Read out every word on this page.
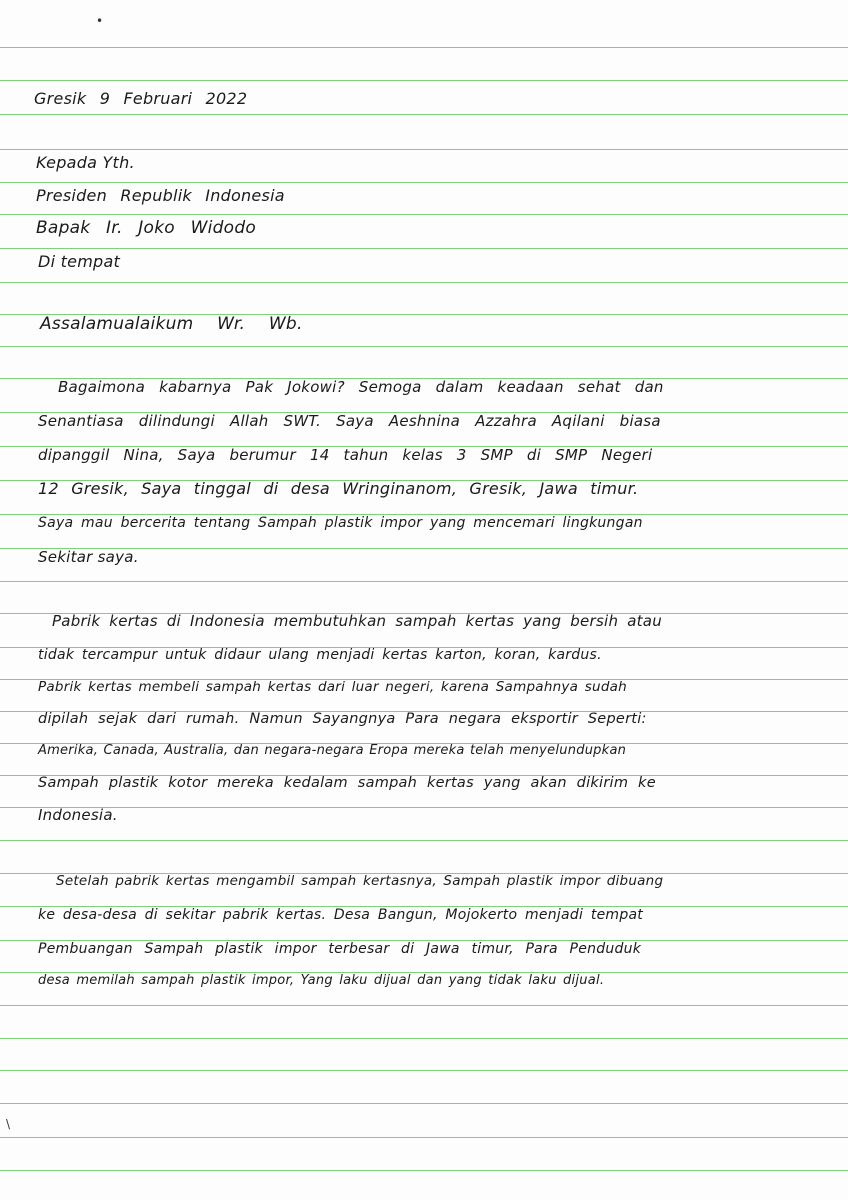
•
\
Gresik 9 Februari 2022
Kepada Yth.
Presiden Republik Indonesia
Bapak Ir. Joko Widodo
Di tempat
Assalamualaikum Wr. Wb.
Bagaimona kabarnya Pak Jokowi? Semoga dalam keadaan sehat dan
Senantiasa dilindungi Allah SWT. Saya Aeshnina Azzahra Aqilani biasa
dipanggil Nina, Saya berumur 14 tahun kelas 3 SMP di SMP Negeri
12 Gresik, Saya tinggal di desa Wringinanom, Gresik, Jawa timur.
Saya mau bercerita tentang Sampah plastik impor yang mencemari lingkungan
Sekitar saya.
Pabrik kertas di Indonesia membutuhkan sampah kertas yang bersih atau
tidak tercampur untuk didaur ulang menjadi kertas karton, koran, kardus.
Pabrik kertas membeli sampah kertas dari luar negeri, karena Sampahnya sudah
dipilah sejak dari rumah. Namun Sayangnya Para negara eksportir Seperti:
Amerika, Canada, Australia, dan negara-negara Eropa mereka telah menyelundupkan
Sampah plastik kotor mereka kedalam sampah kertas yang akan dikirim ke
Indonesia.
Setelah pabrik kertas mengambil sampah kertasnya, Sampah plastik impor dibuang
ke desa-desa di sekitar pabrik kertas. Desa Bangun, Mojokerto menjadi tempat
Pembuangan Sampah plastik impor terbesar di Jawa timur, Para Penduduk
desa memilah sampah plastik impor, Yang laku dijual dan yang tidak laku dijual.
